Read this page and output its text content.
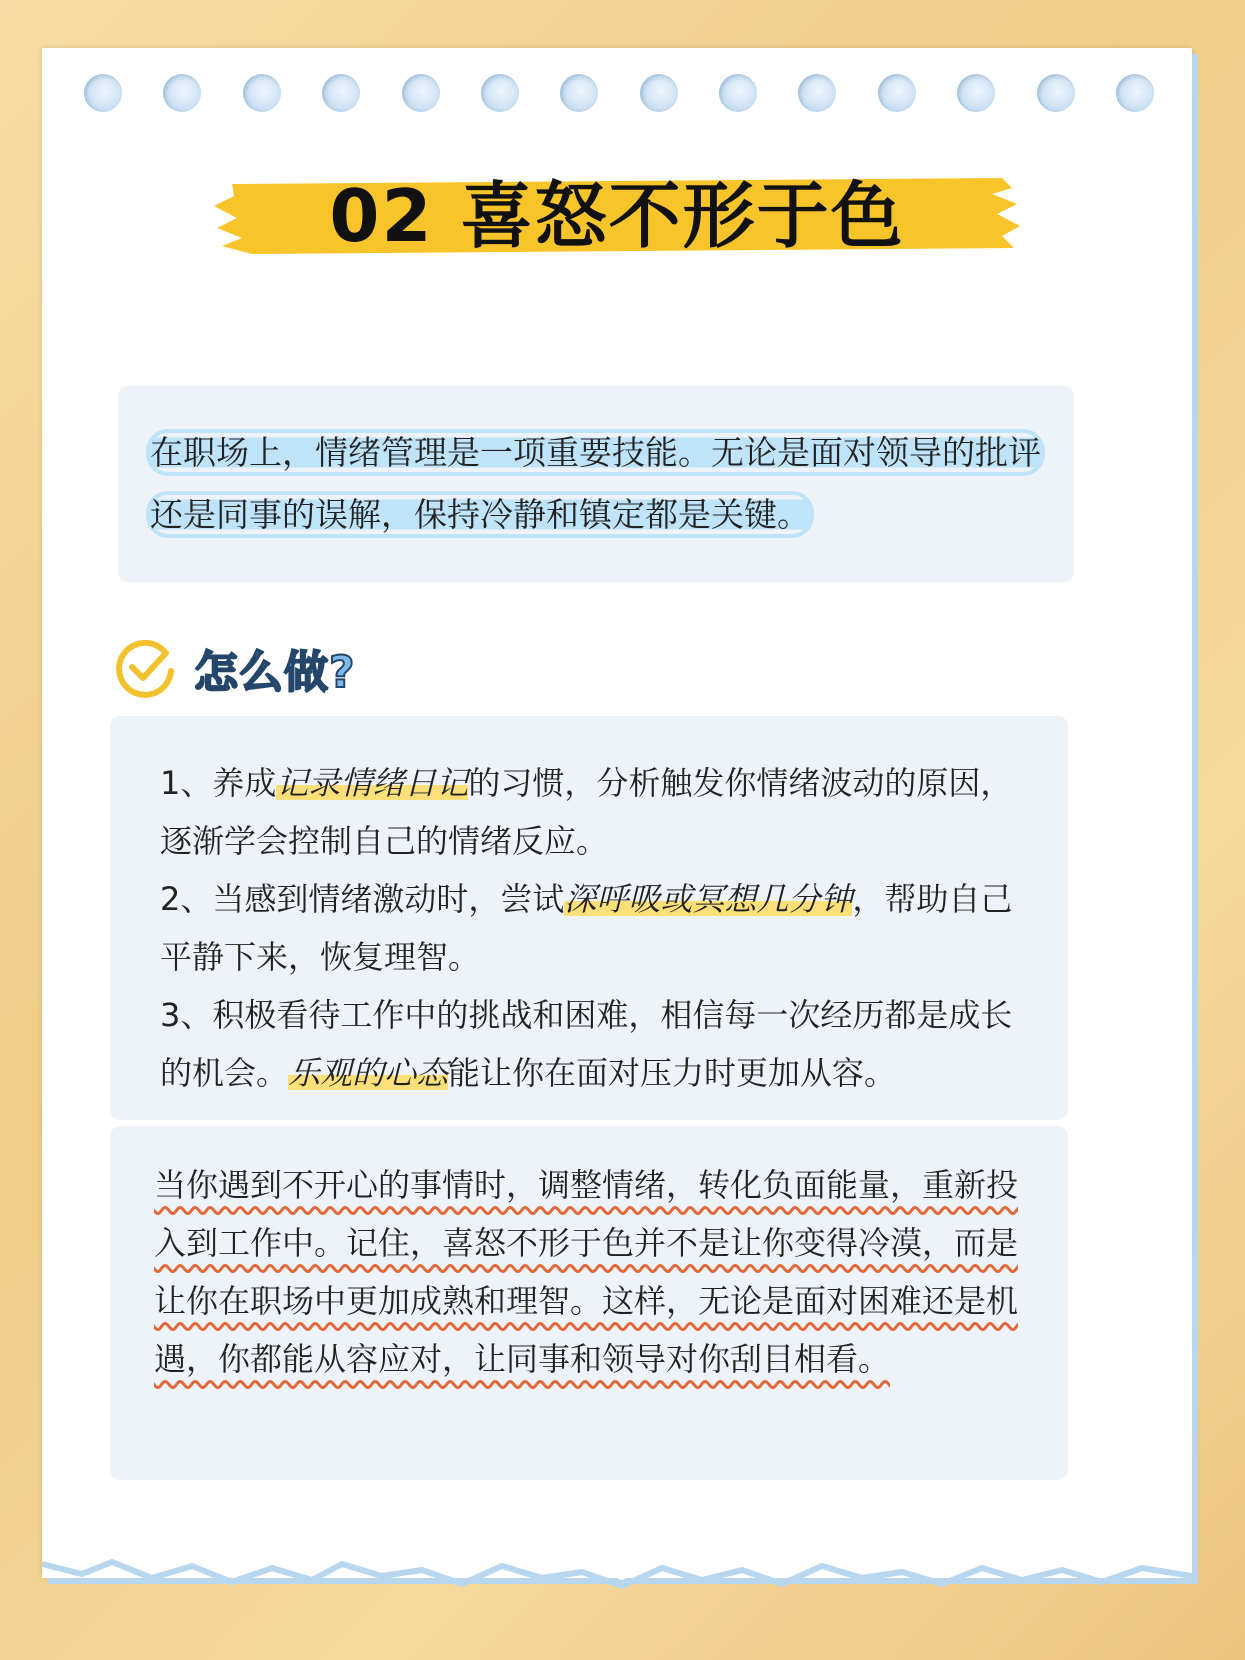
02 喜怒不形于色
在职场上，情绪管理是一项重要技能。无论是面对领导的批评还是同事的误解，保持冷静和镇定都是关键。
怎么做?

1、养成记录情绪日记的习惯，分析触发你情绪波动的原因，逐渐学会控制自己的情绪反应。

2、当感到情绪激动时，尝试深呼吸或冥想几分钟，帮助自己平静下来，恢复理智。

3、积极看待工作中的挑战和困难，相信每一次经历都是成长的机会。乐观的心态能让你在面对压力时更加从容。

当你遇到不开心的事情时，调整情绪，转化负面能量，重新投入到工作中。记住，喜怒不形于色并不是让你变得冷漠，而是让你在职场中更加成熟和理智。这样，无论是面对困难还是机遇，你都能从容应对，让同事和领导对你刮目相看。
